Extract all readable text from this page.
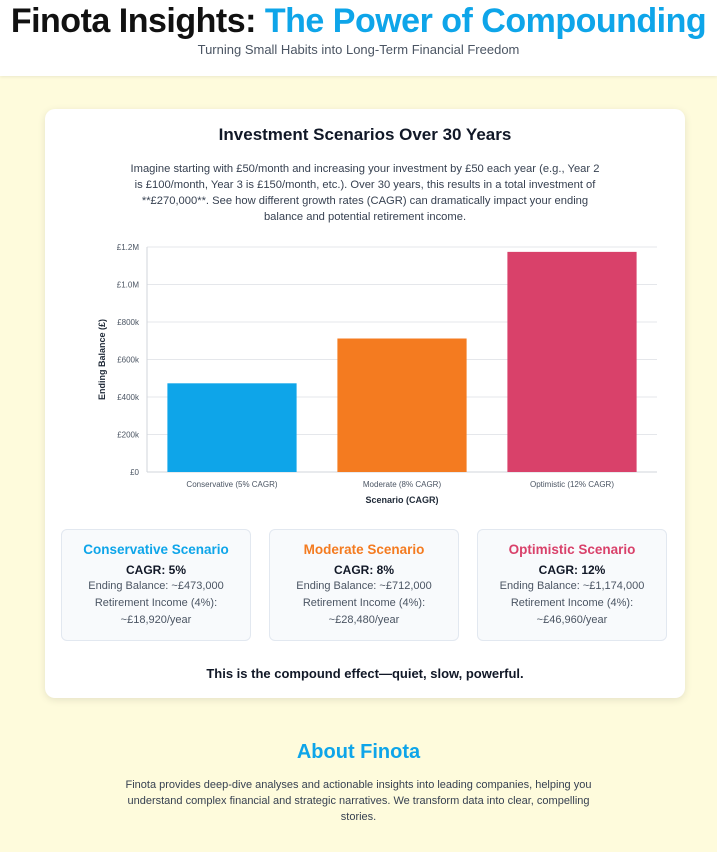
Finota Insights: The Power of Compounding

Turning Small Habits into Long-Term Financial Freedom

Investment Scenarios Over 30 Years

Imagine starting with £50/month and increasing your investment by £50 each year (e.g., Year 2 is £100/month, Year 3 is £150/month, etc.). Over 30 years, this results in a total investment of **£270,000**. See how different growth rates (CAGR) can dramatically impact your ending balance and potential retirement income.

£0
£200k
£400k
£600k
£800k
£1.0M
£1.2M
Conservative (5% CAGR)	Moderate (8% CAGR)	Optimistic (12% CAGR)
Scenario (CAGR)
Ending Balance (£)

Conservative Scenario

CAGR: 5%

Ending Balance: ~£473,000

Retirement Income (4%):

~£18,920/year

Moderate Scenario

CAGR: 8%

Ending Balance: ~£712,000

Retirement Income (4%):

~£28,480/year

Optimistic Scenario

CAGR: 12%

Ending Balance: ~£1,174,000

Retirement Income (4%):

~£46,960/year

This is the compound effect—quiet, slow, powerful.

About Finota

Finota provides deep-dive analyses and actionable insights into leading companies, helping you understand complex financial and strategic narratives. We transform data into clear, compelling stories.
